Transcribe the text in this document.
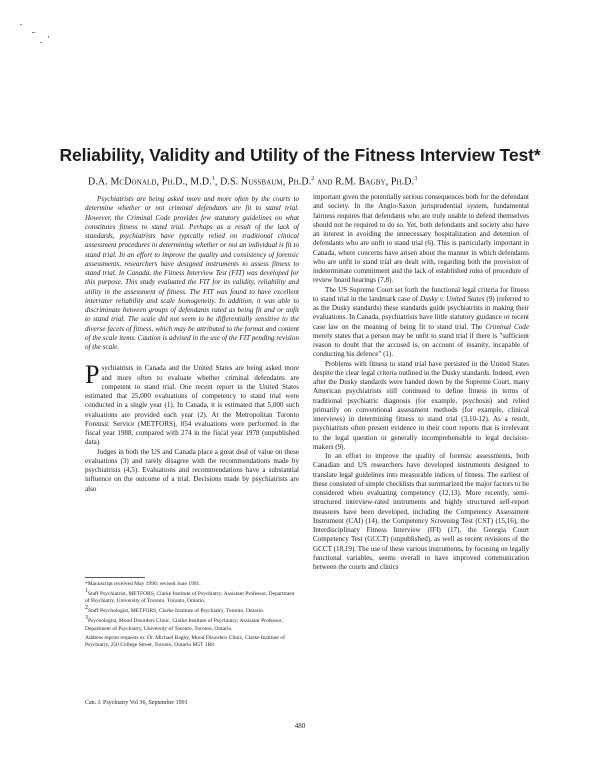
Reliability, Validity and Utility of the Fitness Interview Test*
D.A. McDonald, Ph.D., M.D.$^1$, D.S. Nussbaum, Ph.D.$^2$ and R.M. Bagby, Ph.D.$^3$

Psychiatrists are being asked more and more often by the courts to determine whether or not criminal defendants are fit to stand trial. However, the Criminal Code provides few statutory guidelines on what constitutes fitness to stand trial. Perhaps as a result of the lack of standards, psychiatrists have typically relied on traditional clinical assessment procedures in determining whether or not an individual is fit to stand trial. In an effort to improve the quality and consistency of forensic assessments, researchers have designed instruments to assess fitness to stand trial. In Canada, the Fitness Interview Test (FIT) was developed for this purpose. This study evaluated the FIT for its validity, reliability and utility in the assessment of fitness. The FIT was found to have excellent interrater reliability and scale homogeneity. In addition, it was able to discriminate between groups of defendants rated as being fit and or unfit to stand trial. The scale did not seem to be differentially sensitive to the diverse facets of fitness, which may be attributed to the format and content of the scale items. Caution is advised in the use of the FIT pending revision of the scale.

Psychiatrists in Canada and the United States are being asked more and more often to evaluate whether criminal defendants are competent to stand trial. One recent report in the United States estimated that 25,000 evaluations of competency to stand trial were conducted in a single year (1). In Canada, it is estimated that 5,000 such evaluations are provided each year (2). At the Metropolitan Toronto Forensic Service (METFORS), 854 evaluations were performed in the fiscal year 1988, compared with 274 in the fiscal year 1978 (unpublished data).

Judges in both the US and Canada place a great deal of value on these evaluations (3) and rarely disagree with the recommendations made by psychiatrists (4,5). Evaluations and recommendations have a substantial influence on the outcome of a trial. Decisions made by psychiatrists are also

*Manuscript received May 1990; revised June 1991.

$^1$Staff Psychiatrist, METFORS, Clarke Institute of Psychiatry; Assistant Professor, Department of Psychiatry, University of Toronto, Toronto, Ontario.

$^2$Staff Psychologist, METFORS, Clarke Institute of Psychiatry, Toronto, Ontario.

$^3$Psychologist, Mood Disorders Clinic, Clarke Institute of Psychiatry; Assistant Professor, Department of Psychiatry, University of Toronto, Toronto, Ontario.

Address reprint requests to: Dr. Michael Bagby, Mood Disorders Clinic, Clarke Institute of Psychiatry, 250 College Street, Toronto, Ontario M5T 1R8.

Can. J. Psychiatry Vol 36, September 1991

important given the potentially serious consequences both for the defendant and society. In the Anglo-Saxon jurisprudential system, fundamental fairness requires that defendants who are truly unable to defend themselves should not be required to do so. Yet, both defendants and society also have an interest in avoiding the unnecessary hospitalization and detention of defendants who are unfit to stand trial (6). This is particularly important in Canada, where concerns have arisen about the manner in which defendants who are unfit to stand trial are dealt with, regarding both the provision of indeterminate commitment and the lack of established rules of procedure of review board hearings (7,8).

The US Supreme Court set forth the functional legal criteria for fitness to stand trial in the landmark case of Dusky v. United States (9) (referred to as the Dusky standards) these standards guide psychiatrists in making their evaluations. In Canada, psychiatrists have little statutory guidance or recent case law on the meaning of being fit to stand trial. The Criminal Code merely states that a person may be unfit to stand trial if there is "sufficient reason to doubt that the accused is, on account of insanity, incapable of conducting his defence" (1).

Problems with fitness to stand trial have persisted in the United States despite the clear legal criteria outlined in the Dusky standards. Indeed, even after the Dusky standards were handed down by the Supreme Court, many American psychiatrists still continued to define fitness in terms of traditional psychiatric diagnosis (for example, psychosis) and relied primarily on conventional assessment methods (for example, clinical interviews) in determining fitness to stand trial (3,10-12). As a result, psychiatrists often present evidence in their court reports that is irrelevant to the legal question or generally incomprehensible to legal decision-makers (9).

In an effort to improve the quality of forensic assessments, both Canadian and US researchers have developed instruments designed to translate legal guidelines into measurable indices of fitness. The earliest of these consisted of simple checklists that summarized the major factors to be considered when evaluating competency (12,13). More recently, semi-structured interview-rated instruments and highly structured self-report measures have been developed, including the Competency Assessment Instrument (CAI) (14), the Competency Screening Test (CST) (15,16), the Interdisciplinary Fitness Interview (IFI) (17), the Georgia Court Competency Test (GCCT) (unpublished), as well as recent revisions of the GCCT (18,19). The use of these various instruments, by focusing on legally functional variables, seems overall to have improved communication between the courts and clinics

480
